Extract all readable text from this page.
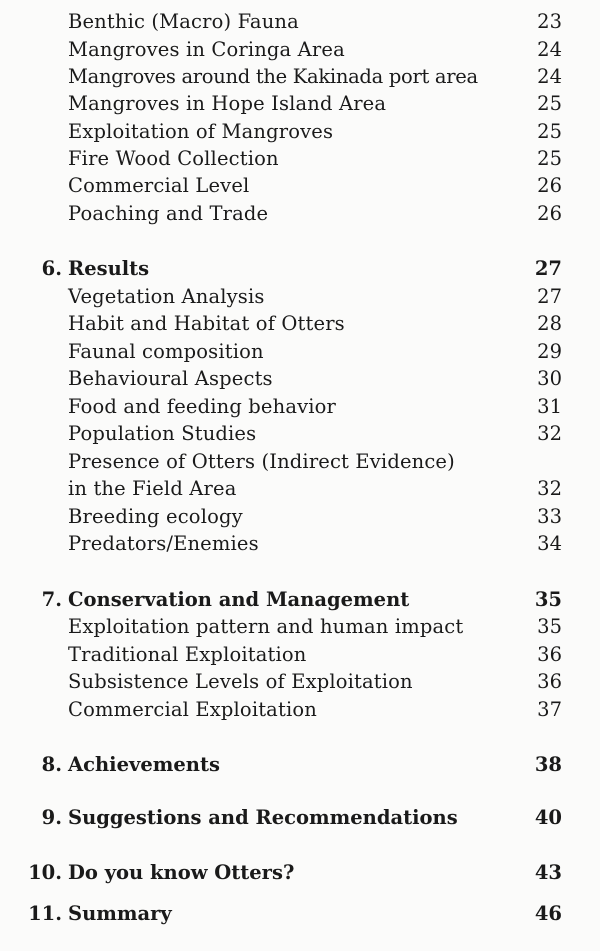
Benthic (Macro) Fauna	23
Mangroves in Coringa Area	24
Mangroves around the Kakinada port area	24
Mangroves in Hope Island Area	25
Exploitation of Mangroves	25
Fire Wood Collection	25
Commercial Level	26
Poaching and Trade	26
6. Results	27
Vegetation Analysis	27
Habit and Habitat of Otters	28
Faunal composition	29
Behavioural Aspects	30
Food and feeding behavior	31
Population Studies	32
Presence of Otters (Indirect Evidence)
in the Field Area	32
Breeding ecology	33
Predators/Enemies	34
7. Conservation and Management	35
Exploitation pattern and human impact	35
Traditional Exploitation	36
Subsistence Levels of Exploitation	36
Commercial Exploitation	37
8. Achievements	38
9. Suggestions and Recommendations	40
10. Do you know Otters?	43
11. Summary	46
